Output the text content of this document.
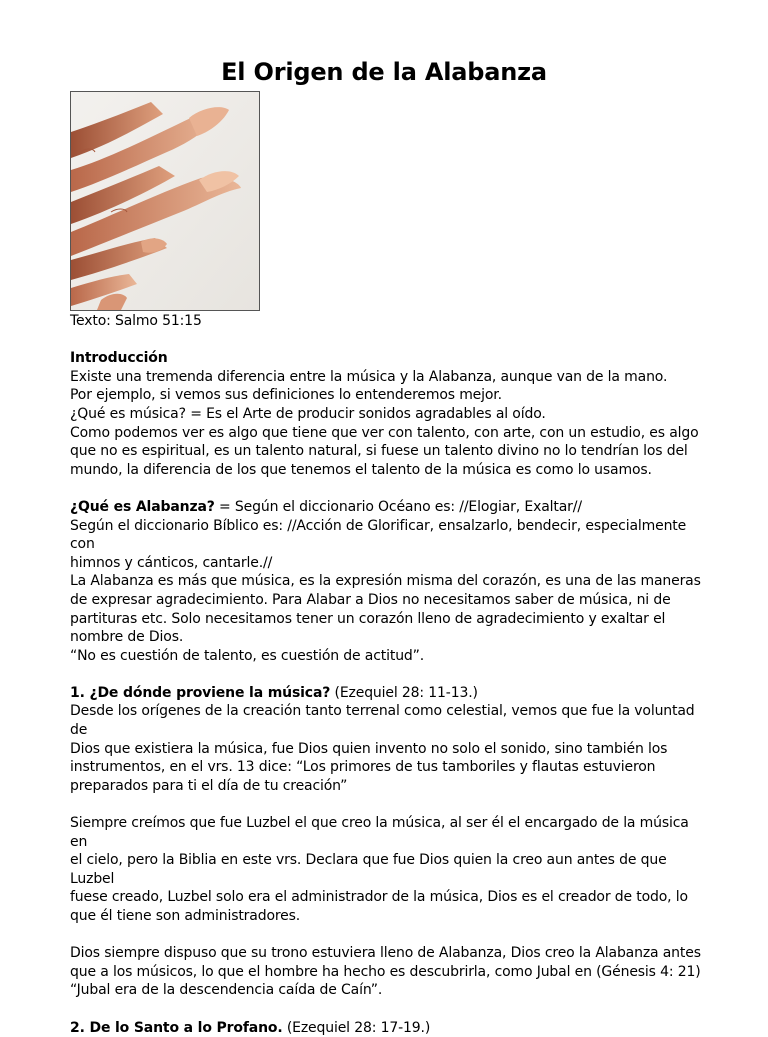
El Origen de la Alabanza

Texto: Salmo 51:15

Introducción

Existe una tremenda diferencia entre la música y la Alabanza, aunque van de la mano.

Por ejemplo, si vemos sus definiciones lo entenderemos mejor.

¿Qué es música? = Es el Arte de producir sonidos agradables al oído.

Como podemos ver es algo que tiene que ver con talento, con arte, con un estudio, es algo

que no es espiritual, es un talento natural, si fuese un talento divino no lo tendrían los del

mundo, la diferencia de los que tenemos el talento de la música es como lo usamos.

¿Qué es Alabanza? = Según el diccionario Océano es: //Elogiar, Exaltar//

Según el diccionario Bíblico es: //Acción de Glorificar, ensalzarlo, bendecir, especialmente con

himnos y cánticos, cantarle.//

La Alabanza es más que música, es la expresión misma del corazón, es una de las maneras

de expresar agradecimiento. Para Alabar a Dios no necesitamos saber de música, ni de

partituras etc. Solo necesitamos tener un corazón lleno de agradecimiento y exaltar el

nombre de Dios.

“No es cuestión de talento, es cuestión de actitud”.

1. ¿De dónde proviene la música? (Ezequiel 28: 11-13.)

Desde los orígenes de la creación tanto terrenal como celestial, vemos que fue la voluntad de

Dios que existiera la música, fue Dios quien invento no solo el sonido, sino también los

instrumentos, en el vrs. 13 dice: “Los primores de tus tamboriles y flautas estuvieron

preparados para ti el día de tu creación”

Siempre creímos que fue Luzbel el que creo la música, al ser él el encargado de la música en

el cielo, pero la Biblia en este vrs. Declara que fue Dios quien la creo aun antes de que Luzbel

fuese creado, Luzbel solo era el administrador de la música, Dios es el creador de todo, lo

que él tiene son administradores.

Dios siempre dispuso que su trono estuviera lleno de Alabanza, Dios creo la Alabanza antes

que a los músicos, lo que el hombre ha hecho es descubrirla, como Jubal en (Génesis 4: 21)

“Jubal era de la descendencia caída de Caín”.

2. De lo Santo a lo Profano. (Ezequiel 28: 17-19.)
